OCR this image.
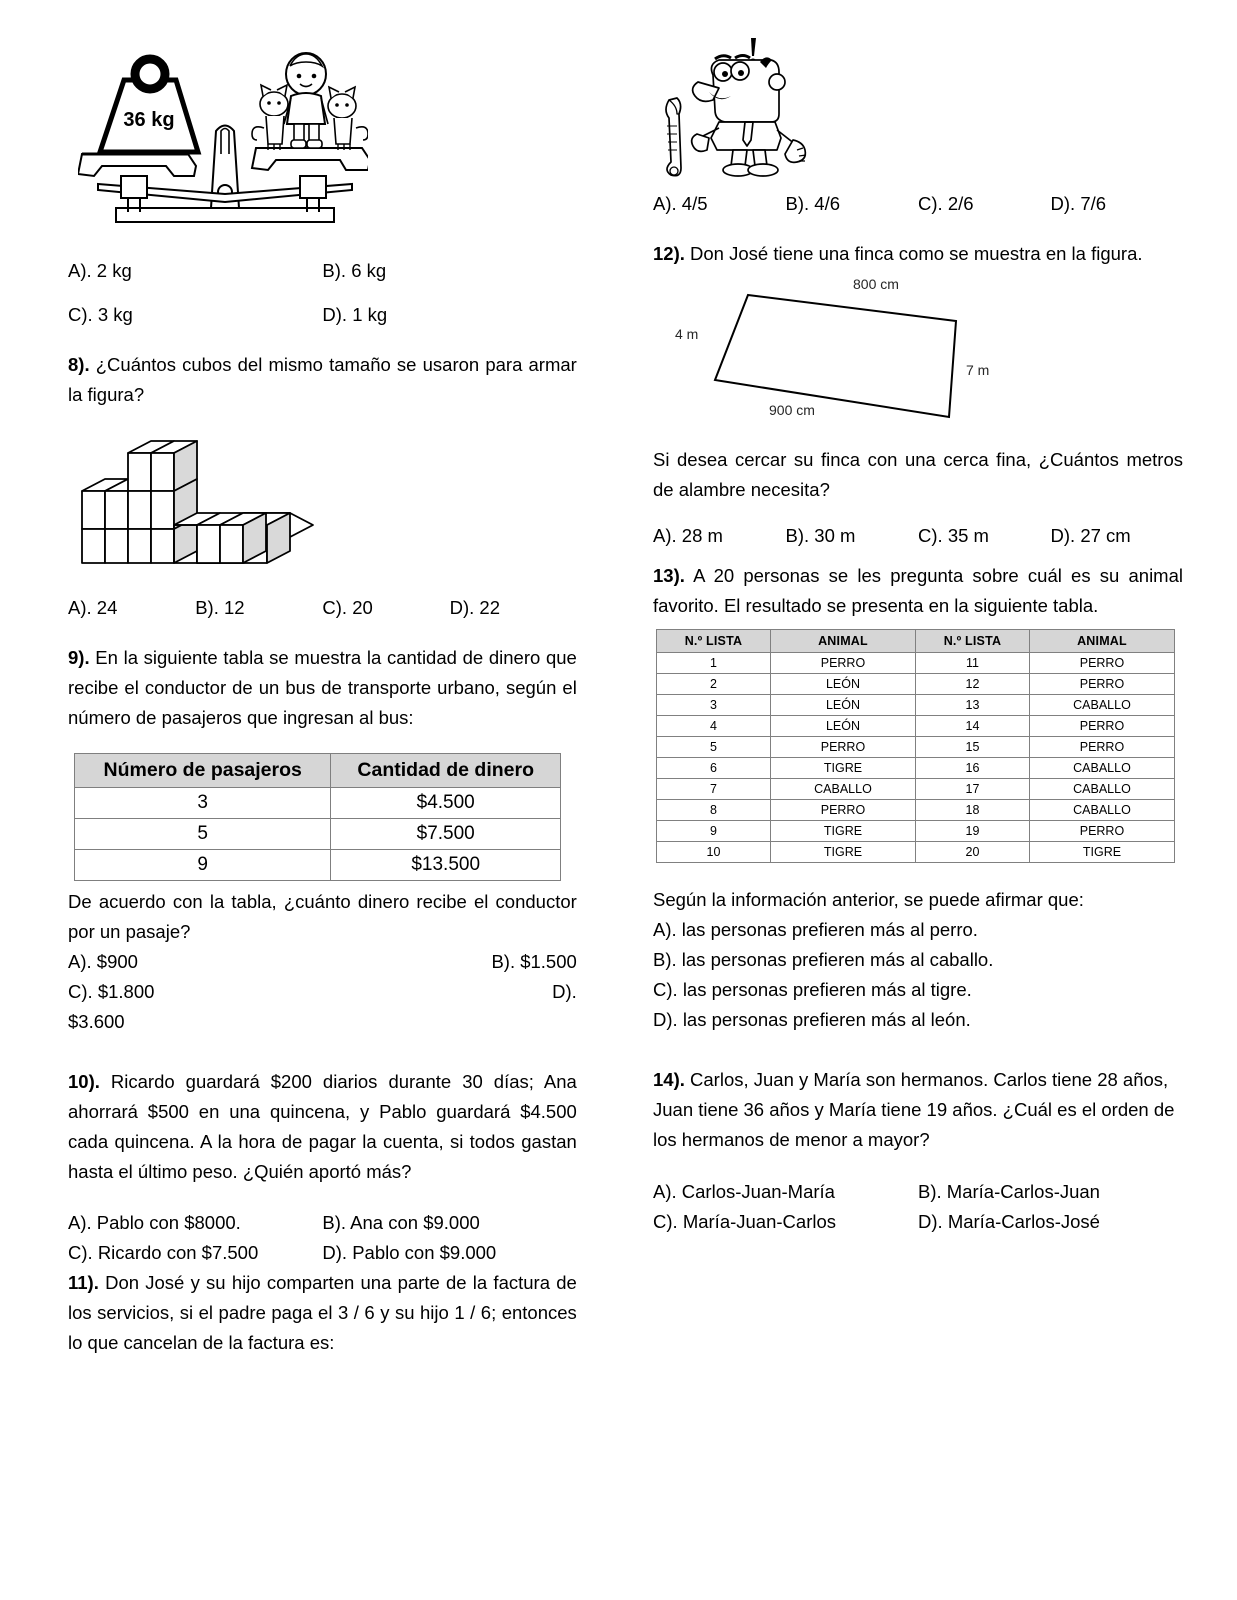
36 kg
A). 2 kg	B). 6 kg
C). 3 kg	D). 1 kg
8). ¿Cuántos cubos del mismo tamaño se usaron para armar la figura?
A). 24	B). 12	C). 20	D). 22
9). En la siguiente tabla se muestra la cantidad de dinero que recibe el conductor de un bus de transporte urbano, según el número de pasajeros que ingresan al bus:
Número de pasajeros	Cantidad de dinero
3	$4.500
5	$7.500
9	$13.500
De acuerdo con la tabla, ¿cuánto dinero recibe el conductor por un pasaje?
A). $900	B). $1.500
C). $1.800	D).
$3.600
10). Ricardo guardará $200 diarios durante 30 días; Ana ahorrará $500 en una quincena, y Pablo guardará $4.500 cada quincena. A la hora de pagar la cuenta, si todos gastan hasta el último peso. ¿Quién aportó más?
A). Pablo con $8000.	B). Ana con $9.000
C). Ricardo con $7.500	D). Pablo con $9.000
11). Don José y su hijo comparten una parte de la factura de los servicios, si el padre paga el 3 / 6 y su hijo 1 / 6; entonces lo que cancelan de la factura es:
A). 4/5	B). 4/6	C). 2/6	D). 7/6
12). Don José tiene una finca como se muestra en la figura.
800 cm
4 m
7 m
900 cm
Si desea cercar su finca con una cerca fina, ¿Cuántos metros de alambre necesita?
A). 28 m	B). 30 m	C). 35 m	D). 27 cm
13). A 20 personas se les pregunta sobre cuál es su animal favorito. El resultado se presenta en la siguiente tabla.
N.º LISTA	ANIMAL	N.º LISTA	ANIMAL
1	PERRO	11	PERRO
2	LEÓN	12	PERRO
3	LEÓN	13	CABALLO
4	LEÓN	14	PERRO
5	PERRO	15	PERRO
6	TIGRE	16	CABALLO
7	CABALLO	17	CABALLO
8	PERRO	18	CABALLO
9	TIGRE	19	PERRO
10	TIGRE	20	TIGRE
Según la información anterior, se puede afirmar que:
A). las personas prefieren más al perro.
B). las personas prefieren más al caballo.
C). las personas prefieren más al tigre.
D). las personas prefieren más al león.
14). Carlos, Juan y María son hermanos. Carlos tiene 28 años, Juan tiene 36 años y María tiene 19 años. ¿Cuál es el orden de los hermanos de menor a mayor?
A). Carlos-Juan-María	B). María-Carlos-Juan
C). María-Juan-Carlos	D). María-Carlos-José
